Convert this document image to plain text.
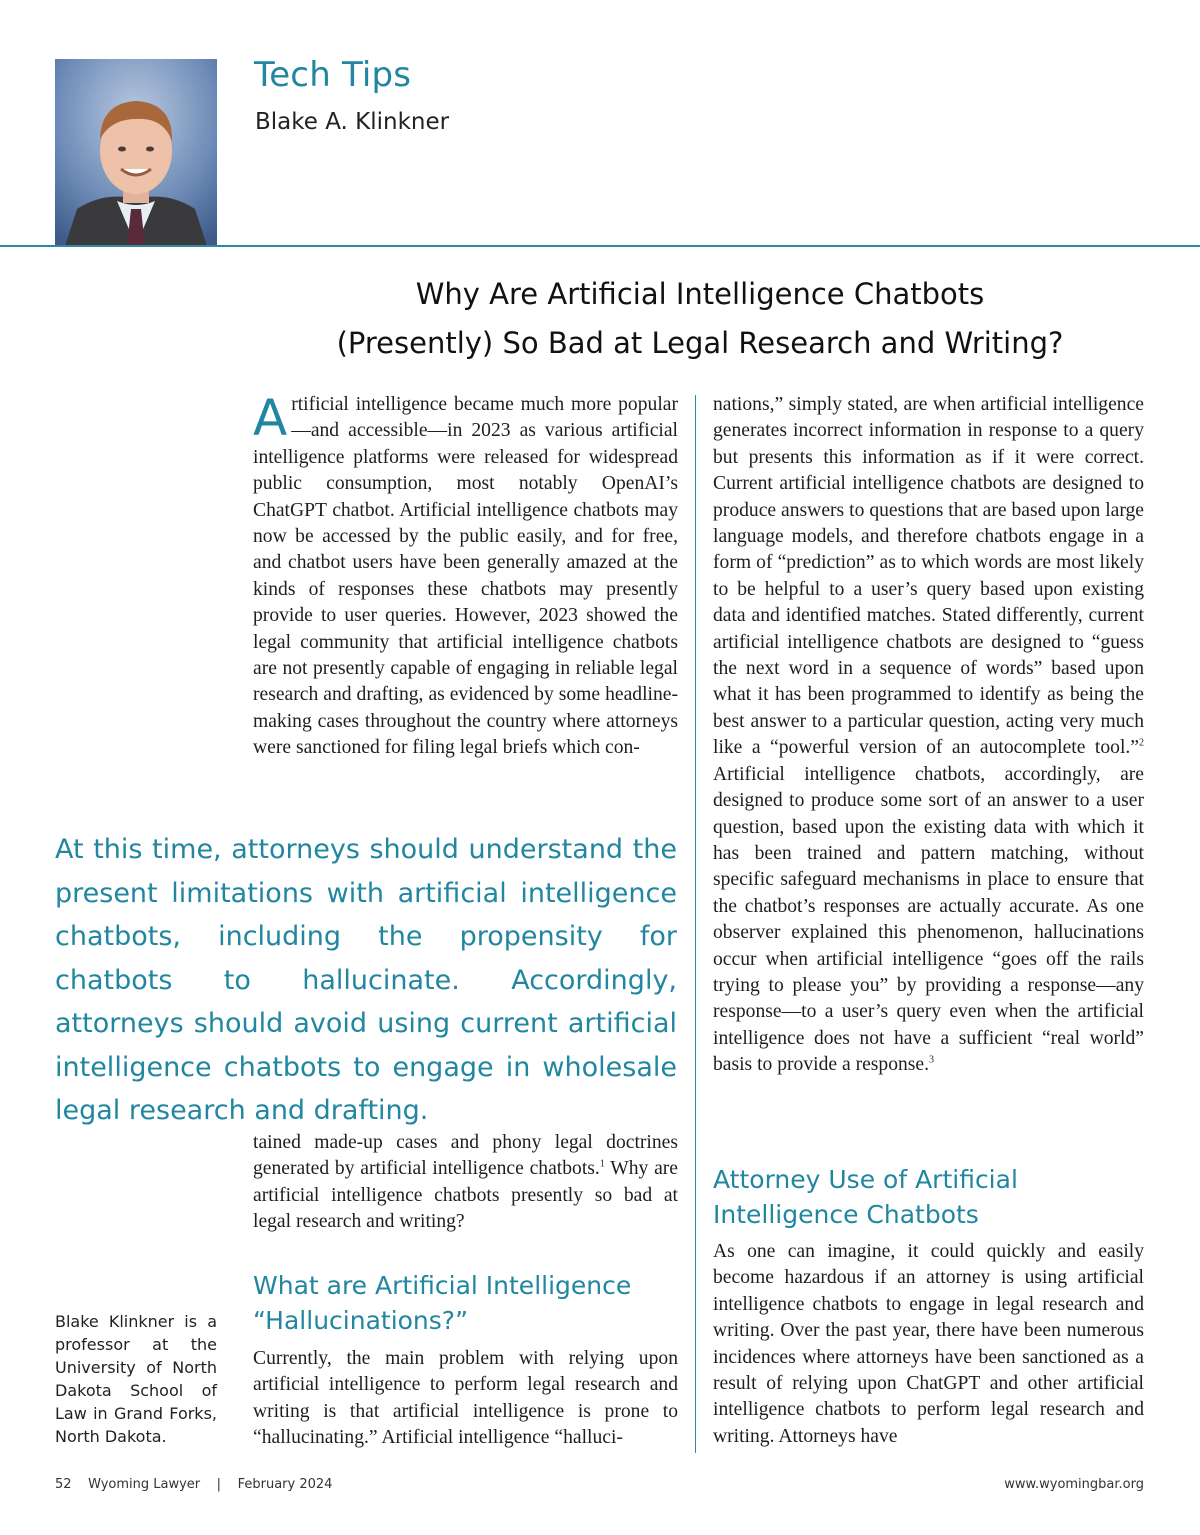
Tech Tips
Blake A. Klinkner
Why Are Artificial Intelligence Chatbots
(Presently) So Bad at Legal Research and Writing?

Artificial intelligence became much more popular—and accessible—in 2023 as various artificial intelligence platforms were released for widespread public consumption, most notably OpenAI’s ChatGPT chatbot. Artificial intelligence chatbots may now be accessed by the public easily, and for free, and chatbot users have been generally amazed at the kinds of responses these chatbots may presently provide to user queries. However, 2023 showed the legal community that artificial intelligence chatbots are not presently capable of engaging in reliable legal research and drafting, as evidenced by some headline-making cases throughout the country where attorneys were sanctioned for filing legal briefs which con-

At this time, attorneys should understand the present limitations with artificial intelligence chatbots, including the propensity for chatbots to hallucinate. Accordingly, attorneys should avoid using current artificial intelligence chatbots to engage in wholesale legal research and drafting.

tained made-up cases and phony legal doctrines generated by artificial intelligence chatbots.$^1$ Why are artificial intelligence chatbots presently so bad at legal research and writing?

What are Artificial Intelligence “Hallucinations?”

Currently, the main problem with relying upon artificial intelligence to perform legal research and writing is that artificial intelligence is prone to “hallucinating.” Artificial intelligence “halluci-

nations,” simply stated, are when artificial intelligence generates incorrect information in response to a query but presents this information as if it were correct. Current artificial intelligence chatbots are designed to produce answers to questions that are based upon large language models, and therefore chatbots engage in a form of “prediction” as to which words are most likely to be helpful to a user’s query based upon existing data and identified matches. Stated differently, current artificial intelligence chatbots are designed to “guess the next word in a sequence of words” based upon what it has been programmed to identify as being the best answer to a particular question, acting very much like a “powerful version of an autocomplete tool.”$^2$ Artificial intelligence chatbots, accordingly, are designed to produce some sort of an answer to a user question, based upon the existing data with which it has been trained and pattern matching, without specific safeguard mechanisms in place to ensure that the chatbot’s responses are actually accurate. As one observer explained this phenomenon, hallucinations occur when artificial intelligence “goes off the rails trying to please you” by providing a response—any response—to a user’s query even when the artificial intelligence does not have a sufficient “real world” basis to provide a response.$^3$

Attorney Use of Artificial Intelligence Chatbots

As one can imagine, it could quickly and easily become hazardous if an attorney is using artificial intelligence chatbots to engage in legal research and writing. Over the past year, there have been numerous incidences where attorneys have been sanctioned as a result of relying upon ChatGPT and other artificial intelligence chatbots to perform legal research and writing. Attorneys have

Blake Klinkner is a professor at the University of North Dakota School of Law in Grand Forks, North Dakota.
52 Wyoming Lawyer | February 2024	www.wyomingbar.org
